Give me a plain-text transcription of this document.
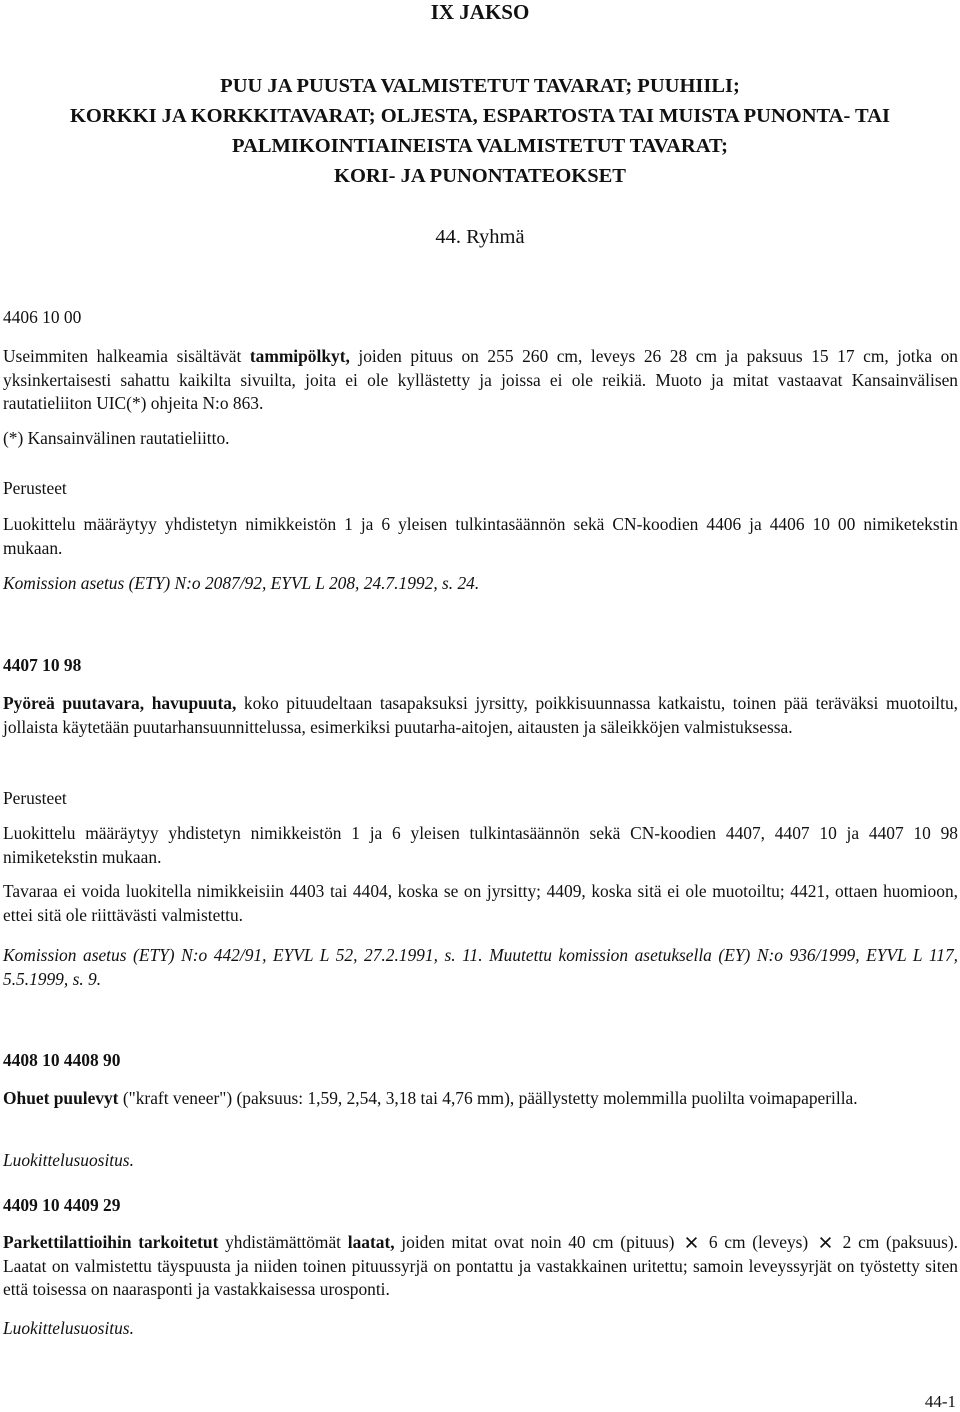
IX JAKSO
PUU JA PUUSTA VALMISTETUT TAVARAT; PUUHIILI;
KORKKI JA KORKKITAVARAT; OLJESTA, ESPARTOSTA TAI MUISTA PUNONTA- TAI
PALMIKOINTIAINEISTA VALMISTETUT TAVARAT;
KORI- JA PUNONTATEOKSET
44. Ryhmä
4406 10 00

Useimmiten halkeamia sisältävät tammipölkyt, joiden pituus on 255 260 cm, leveys 26 28 cm ja paksuus 15 17 cm, jotka on yksinkertaisesti sahattu kaikilta sivuilta, joita ei ole kyllästetty ja joissa ei ole reikiä. Muoto ja mitat vastaavat Kansainvälisen rautatieliiton UIC(*) ohjeita N:o 863.

(*) Kansainvälinen rautatieliitto.

Perusteet

Luokittelu määräytyy yhdistetyn nimikkeistön 1 ja 6 yleisen tulkintasäännön sekä CN-koodien 4406 ja 4406 10 00 nimiketekstin mukaan.

Komission asetus (ETY) N:o 2087/92, EYVL L 208, 24.7.1992, s. 24.

4407 10 98

Pyöreä puutavara, havupuuta, koko pituudeltaan tasapaksuksi jyrsitty, poikkisuunnassa katkaistu, toinen pää teräväksi muotoiltu, jollaista käytetään puutarhansuunnittelussa, esimerkiksi puutarha-aitojen, aitausten ja säleikköjen valmistuksessa.

Perusteet

Luokittelu määräytyy yhdistetyn nimikkeistön 1 ja 6 yleisen tulkintasäännön sekä CN-koodien 4407, 4407 10 ja 4407 10 98 nimiketekstin mukaan.

Tavaraa ei voida luokitella nimikkeisiin 4403 tai 4404, koska se on jyrsitty; 4409, koska sitä ei ole muotoiltu; 4421, ottaen huomioon, ettei sitä ole riittävästi valmistettu.

Komission asetus (ETY) N:o 442/91, EYVL L 52, 27.2.1991, s. 11. Muutettu komission asetuksella (EY) N:o 936/1999, EYVL L 117, 5.5.1999, s. 9.

4408 10 4408 90

Ohuet puulevyt ("kraft veneer") (paksuus: 1,59, 2,54, 3,18 tai 4,76 mm), päällystetty molemmilla puolilta voimapaperilla.

Luokittelusuositus.

4409 10 4409 29

Parkettilattioihin tarkoitetut yhdistämättömät laatat, joiden mitat ovat noin 40 cm (pituus)  6 cm (leveys)  2 cm (paksuus). Laatat on valmistettu täyspuusta ja niiden toinen pituussyrjä on pontattu ja vastakkainen uritettu; samoin leveyssyrjät on työstetty siten että toisessa on naarasponti ja vastakkaisessa urosponti.

Luokittelusuositus.

44-1
